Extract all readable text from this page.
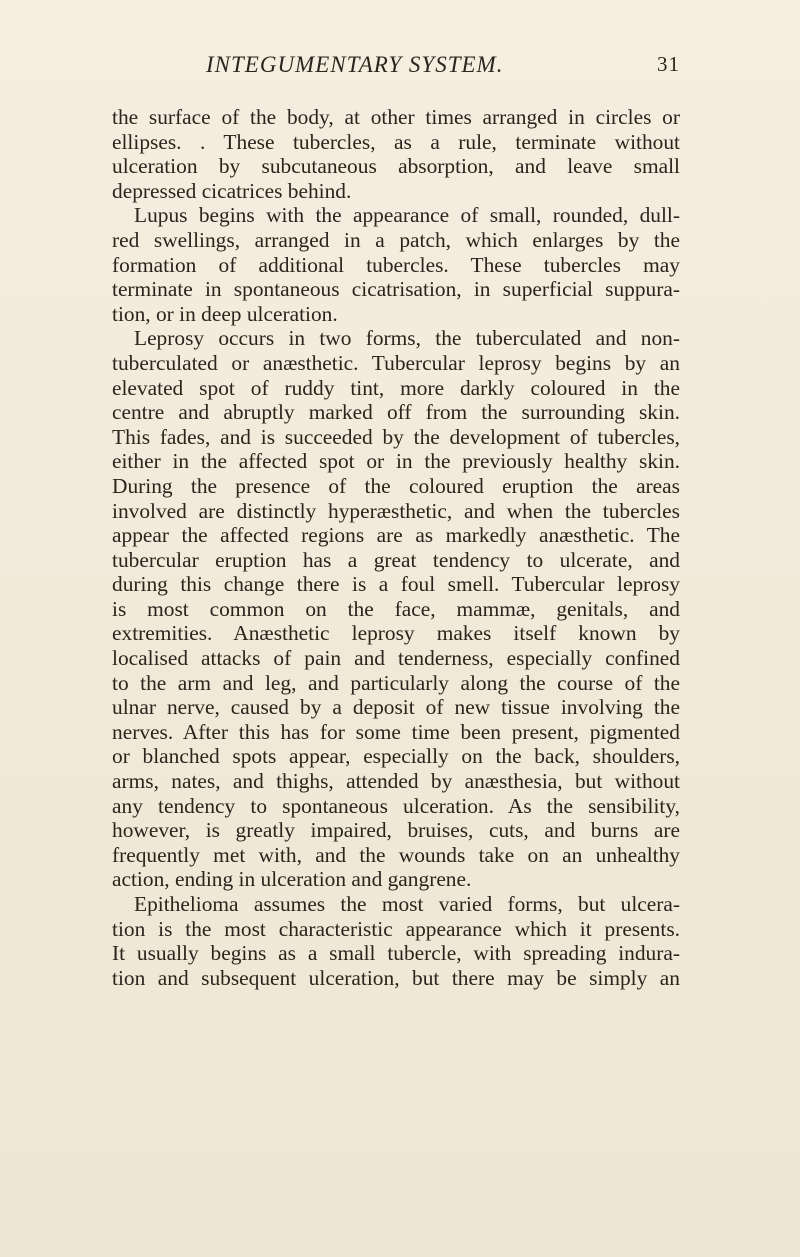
INTEGUMENTARY SYSTEM.	31
the surface of the body, at other times arranged in circles or
ellipses. . These tubercles, as a rule, terminate without
ulceration by subcutaneous absorption, and leave small
depressed cicatrices behind.
Lupus begins with the appearance of small, rounded, dull-
red swellings, arranged in a patch, which enlarges by the
formation of additional tubercles. These tubercles may
terminate in spontaneous cicatrisation, in superficial suppura-
tion, or in deep ulceration.
Leprosy occurs in two forms, the tuberculated and non-
tuberculated or anæsthetic. Tubercular leprosy begins by an
elevated spot of ruddy tint, more darkly coloured in the
centre and abruptly marked off from the surrounding skin.
This fades, and is succeeded by the development of tubercles,
either in the affected spot or in the previously healthy skin.
During the presence of the coloured eruption the areas
involved are distinctly hyperæsthetic, and when the tubercles
appear the affected regions are as markedly anæsthetic. The
tubercular eruption has a great tendency to ulcerate, and
during this change there is a foul smell. Tubercular leprosy
is most common on the face, mammæ, genitals, and
extremities. Anæsthetic leprosy makes itself known by
localised attacks of pain and tenderness, especially confined
to the arm and leg, and particularly along the course of the
ulnar nerve, caused by a deposit of new tissue involving the
nerves. After this has for some time been present, pigmented
or blanched spots appear, especially on the back, shoulders,
arms, nates, and thighs, attended by anæsthesia, but without
any tendency to spontaneous ulceration. As the sensibility,
however, is greatly impaired, bruises, cuts, and burns are
frequently met with, and the wounds take on an unhealthy
action, ending in ulceration and gangrene.
Epithelioma assumes the most varied forms, but ulcera-
tion is the most characteristic appearance which it presents.
It usually begins as a small tubercle, with spreading indura-
tion and subsequent ulceration, but there may be simply an
